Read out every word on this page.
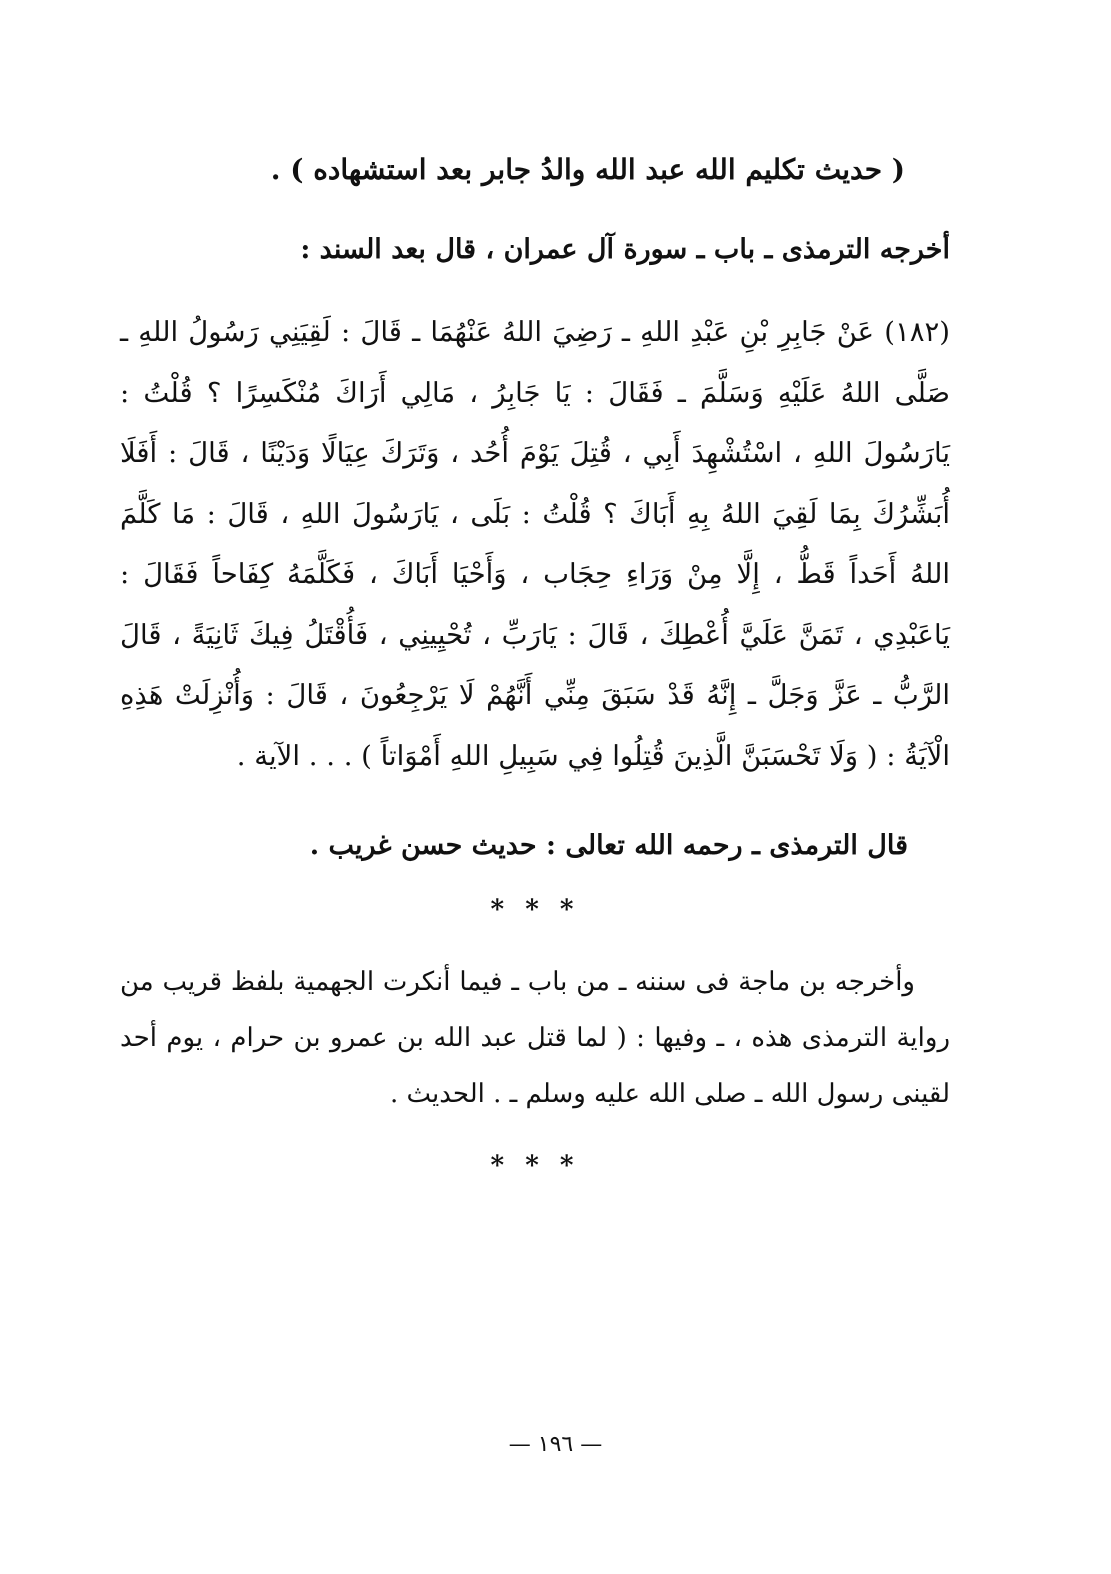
( حديث تكليم الله عبد الله والدُ جابر بعد استشهاده ) .

أخرجه الترمذى ـ باب ـ سورة آل عمران ، قال بعد السند :

(١٨٢) عَنْ جَابِرِ بْنِ عَبْدِ اللهِ ـ رَضِيَ اللهُ عَنْهُمَا ـ قَالَ : لَقِيَنِي رَسُولُ اللهِ ـ صَلَّى اللهُ عَلَيْهِ وَسَلَّمَ ـ فَقَالَ : يَا جَابِرُ ، مَالِي أَرَاكَ مُنْكَسِرًا ؟ قُلْتُ : يَارَسُولَ اللهِ ، اسْتُشْهِدَ أَبِي ، قُتِلَ يَوْمَ أُحُد ، وَتَرَكَ عِيَالًا وَدَيْنًا ، قَالَ : أَفَلَا أُبَشِّرُكَ بِمَا لَقِيَ اللهُ بِهِ أَبَاكَ ؟ قُلْتُ : بَلَى ، يَارَسُولَ اللهِ ، قَالَ : مَا كَلَّمَ اللهُ أَحَداً قَطُّ ، إِلَّا مِنْ وَرَاءِ حِجَاب ، وَأَحْيَا أَبَاكَ ، فَكَلَّمَهُ كِفَاحاً فَقَالَ : يَاعَبْدِي ، تَمَنَّ عَلَيَّ أُعْطِكَ ، قَالَ : يَارَبِّ ، تُحْيِينِي ، فَأُقْتَلُ فِيكَ ثَانِيَةً ، قَالَ الرَّبُّ ـ عَزَّ وَجَلَّ ـ إِنَّهُ قَدْ سَبَقَ مِنِّي أَنَّهُمْ لَا يَرْجِعُونَ ، قَالَ : وَأُنْزِلَتْ هَذِهِ الْآيَةُ : ( وَلَا تَحْسَبَنَّ الَّذِينَ قُتِلُوا فِي سَبِيلِ اللهِ أَمْوَاتاً ) . . . الآية .

قال الترمذى ـ رحمه الله تعالى : حديث حسن غريب .

* * *

وأخرجه بن ماجة فى سننه ـ من باب ـ فيما أنكرت الجهمية بلفظ قريب من رواية الترمذى هذه ، ـ وفيها : ( لما قتل عبد الله بن عمرو بن حرام ، يوم أحد لقينى رسول الله ـ صلى الله عليه وسلم ـ . الحديث .

* * *
— ١٩٦ —
